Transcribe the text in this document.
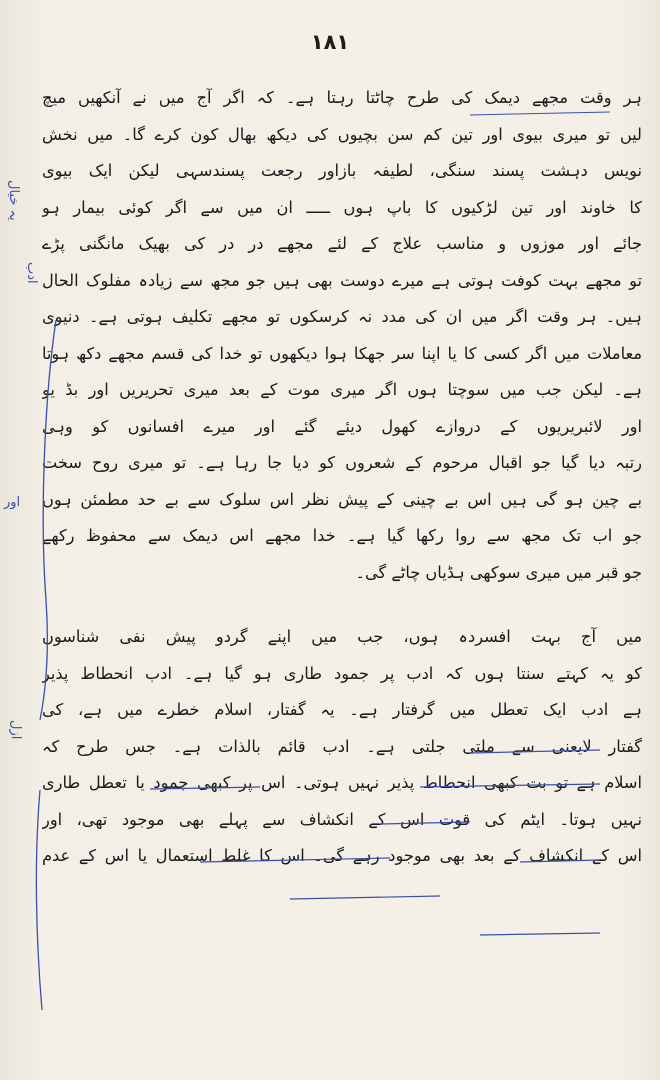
۱۸۱
ہر وقت مجھے دیمک کی طرح چاٹتا رہتا ہے۔ کہ اگر آج میں نے آنکھیں میچ
لیں تو میری بیوی اور تین کم سن بچیوں کی دیکھ بھال کون کرے گا۔ میں نخش
نویس دہشت پسند سنگی، لطیفہ بازاور رجعت پسندسہی لیکن ایک بیوی
کا خاوند اور تین لڑکیوں کا باپ ہوں ـــــ ان میں سے اگر کوئی بیمار ہو
جائے اور موزوں و مناسب علاج کے لئے مجھے در در کی بھیک مانگنی پڑے
تو مجھے بہت کوفت ہوتی ہے میرے دوست بھی ہیں جو مجھ سے زیادہ مفلوک الحال
ہیں۔ ہر وقت اگر میں ان کی مدد نہ کرسکوں تو مجھے تکلیف ہوتی ہے۔ دنیوی
معاملات میں اگر کسی کا یا اپنا سر جھکا ہوا دیکھوں تو خدا کی قسم مجھے دکھ ہوتا
ہے۔ لیکن جب میں سوچتا ہوں اگر میری موت کے بعد میری تحریریں اور بڈ یو
اور لائبریریوں کے دروازے کھول دیئے گئے اور میرے افسانوں کو وہی
رتبہ دیا گیا جو اقبال مرحوم کے شعروں کو دیا جا رہا ہے۔ تو میری روح سخت
بے چین ہو گی ہیں اس بے چینی کے پیش نظر اس سلوک سے بے حد مطمئن ہوں
جو اب تک مجھ سے روا رکھا گیا ہے۔ خدا مجھے اس دیمک سے محفوظ رکھے
جو قبر میں میری سوکھی ہڈیاں چاٹے گی۔
میں آج بہت افسردہ ہوں، جب میں اپنے گردو پیش نفی شناسوں
کو یہ کہتے سنتا ہوں کہ ادب پر جمود طاری ہو گیا ہے۔ ادب انحطاط پذیر
ہے ادب ایک تعطل میں گرفتار ہے۔ یہ گفتار، اسلام خطرے میں ہے، کی
گفتار لایعنی سے ملتی جلتی ہے۔ ادب قائم بالذات ہے۔ جس طرح کہ
اسلام ہے تو بت کبھی انحطاط پذیر نہیں ہوتی۔ اس پر کبھی جمود یا تعطل طاری
نہیں ہوتا۔ ایٹم کی قوت اس کے انکشاف سے پہلے بھی موجود تھی، اور
اس کے انکشاف کے بعد بھی موجود رہے گی۔ اس کا غلط استعمال یا اس کے عدم
یہ خیال
اور
ادب
ازل
